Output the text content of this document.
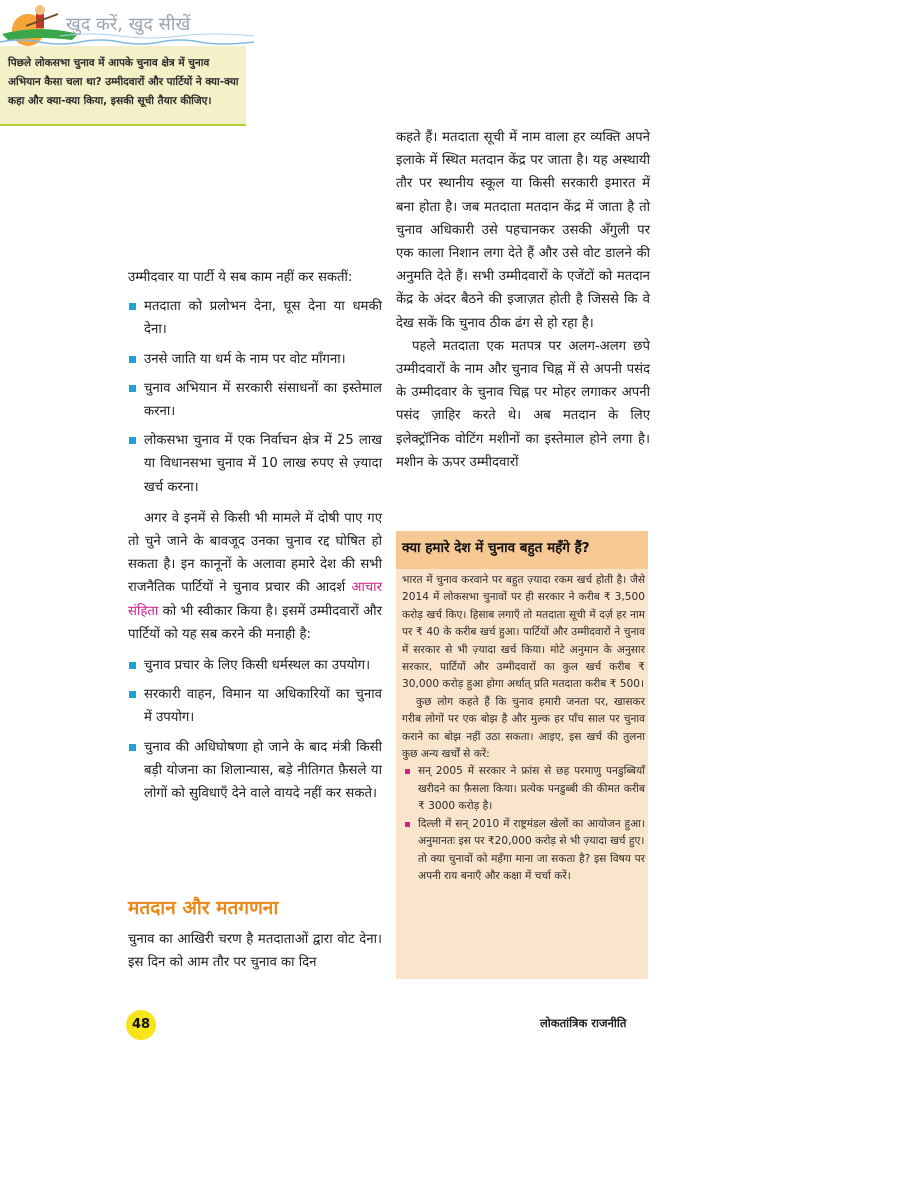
खुद करें, खुद सीखें
पिछले लोकसभा चुनाव में आपके चुनाव क्षेत्र में चुनाव अभियान कैसा चला था? उम्मीदवारों और पार्टियों ने क्या-क्या कहा और क्या-क्या किया, इसकी सूची तैयार कीजिए।

उम्मीदवार या पार्टी ये सब काम नहीं कर सकतीं:

मतदाता को प्रलोभन देना, घूस देना या धमकी देना।
उनसे जाति या धर्म के नाम पर वोट माँगना।
चुनाव अभियान में सरकारी संसाधनों का इस्तेमाल करना।
लोकसभा चुनाव में एक निर्वाचन क्षेत्र में 25 लाख या विधानसभा चुनाव में 10 लाख रुपए से ज़्यादा खर्च करना।

अगर वे इनमें से किसी भी मामले में दोषी पाए गए तो चुने जाने के बावजूद उनका चुनाव रद्द घोषित हो सकता है। इन कानूनों के अलावा हमारे देश की सभी राजनैतिक पार्टियों ने चुनाव प्रचार की आदर्श आचार संहिता को भी स्वीकार किया है। इसमें उम्मीदवारों और पार्टियों को यह सब करने की मनाही है:

चुनाव प्रचार के लिए किसी धर्मस्थल का उपयोग।
सरकारी वाहन, विमान या अधिकारियों का चुनाव में उपयोग।
चुनाव की अधिघोषणा हो जाने के बाद मंत्री किसी बड़ी योजना का शिलान्यास, बड़े नीतिगत फ़ैसले या लोगों को सुविधाएँ देने वाले वायदे नहीं कर सकते।
मतदान और मतगणना

चुनाव का आखिरी चरण है मतदाताओं द्वारा वोट देना। इस दिन को आम तौर पर चुनाव का दिन

कहते हैं। मतदाता सूची में नाम वाला हर व्यक्ति अपने इलाके में स्थित मतदान केंद्र पर जाता है। यह अस्थायी तौर पर स्थानीय स्कूल या किसी सरकारी इमारत में बना होता है। जब मतदाता मतदान केंद्र में जाता है तो चुनाव अधिकारी उसे पहचानकर उसकी अँगुली पर एक काला निशान लगा देते हैं और उसे वोट डालने की अनुमति देते हैं। सभी उम्मीदवारों के एजेंटों को मतदान केंद्र के अंदर बैठने की इजाज़त होती है जिससे कि वे देख सकें कि चुनाव ठीक ढंग से हो रहा है।

पहले मतदाता एक मतपत्र पर अलग-अलग छपे उम्मीदवारों के नाम और चुनाव चिह्न में से अपनी पसंद के उम्मीदवार के चुनाव चिह्न पर मोहर लगाकर अपनी पसंद ज़ाहिर करते थे। अब मतदान के लिए इलेक्ट्रॉनिक वोटिंग मशीनों का इस्तेमाल होने लगा है। मशीन के ऊपर उम्मीदवारों

क्या हमारे देश में चुनाव बहुत महँगे हैं?

भारत में चुनाव करवाने पर बहुत ज़्यादा रकम खर्च होती है। जैसे 2014 में लोकसभा चुनावों पर ही सरकार ने करीब ₹ 3,500 करोड़ खर्च किए। हिसाब लगाएँ तो मतदाता सूची में दर्ज़ हर नाम पर ₹ 40 के करीब खर्च हुआ। पार्टियों और उम्मीदवारों ने चुनाव में सरकार से भी ज़्यादा खर्च किया। मोटे अनुमान के अनुसार सरकार, पार्टियों और उम्मीदवारों का कुल खर्च करीब ₹ 30,000 करोड़ हुआ होगा अर्थात् प्रति मतदाता करीब ₹ 500।

कुछ लोग कहते हैं कि चुनाव हमारी जनता पर, खासकर गरीब लोगों पर एक बोझ है और मुल्क हर पाँच साल पर चुनाव कराने का बोझ नहीं उठा सकता। आइए, इस खर्च की तुलना कुछ अन्य खर्चों से करें:

सन् 2005 में सरकार ने फ्रांस से छह परमाणु पनडुब्बियाँ खरीदने का फ़ैसला किया। प्रत्येक पनडुब्बी की कीमत करीब ₹ 3000 करोड़ है।
दिल्ली में सन् 2010 में राष्ट्रमंडल खेलों का आयोजन हुआ। अनुमानतः इस पर ₹20,000 करोड़ से भी ज़्यादा खर्च हुए।

तो क्या चुनावों को महँगा माना जा सकता है? इस विषय पर अपनी राय बनाएँ और कक्षा में चर्चा करें।

48	लोकतांत्रिक राजनीति
